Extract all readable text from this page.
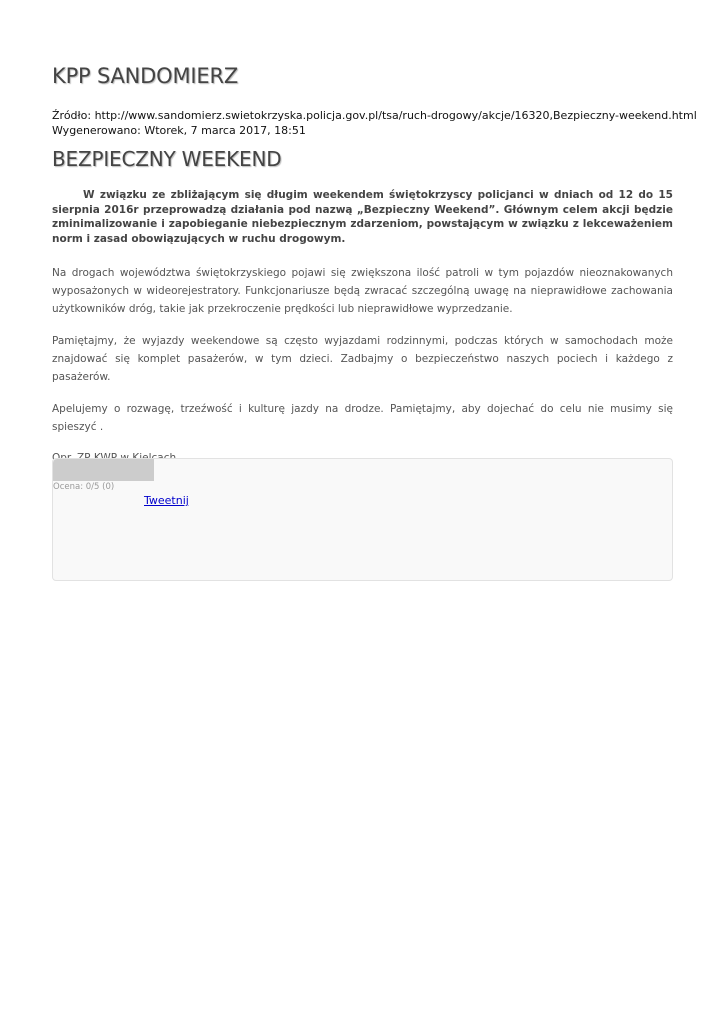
KPP SANDOMIERZ
Źródło: http://www.sandomierz.swietokrzyska.policja.gov.pl/tsa/ruch-drogowy/akcje/16320,Bezpieczny-weekend.html
Wygenerowano: Wtorek, 7 marca 2017, 18:51
BEZPIECZNY WEEKEND

W związku ze zbliżającym się długim weekendem świętokrzyscy policjanci w dniach od 12 do 15 sierpnia 2016r przeprowadzą działania pod nazwą „Bezpieczny Weekend”. Głównym celem akcji będzie zminimalizowanie i zapobieganie niebezpiecznym zdarzeniom, powstającym w związku z lekceważeniem norm i zasad obowiązujących w ruchu drogowym.

Na drogach województwa świętokrzyskiego pojawi się zwiększona ilość patroli w tym pojazdów nieoznakowanych wyposażonych w wideorejestratory. Funkcjonariusze będą zwracać szczególną uwagę na nieprawidłowe zachowania użytkowników dróg, takie jak przekroczenie prędkości lub nieprawidłowe wyprzedzanie.

Pamiętajmy, że wyjazdy weekendowe są często wyjazdami rodzinnymi, podczas których w samochodach może znajdować się komplet pasażerów, w tym dzieci. Zadbajmy o bezpieczeństwo naszych pociech i każdego z pasażerów.

Apelujemy o rozwagę, trzeźwość i kulturę jazdy na drodze. Pamiętajmy, aby dojechać do celu nie musimy się spieszyć .

Ocena: 0/5 (0)
Tweetnij
